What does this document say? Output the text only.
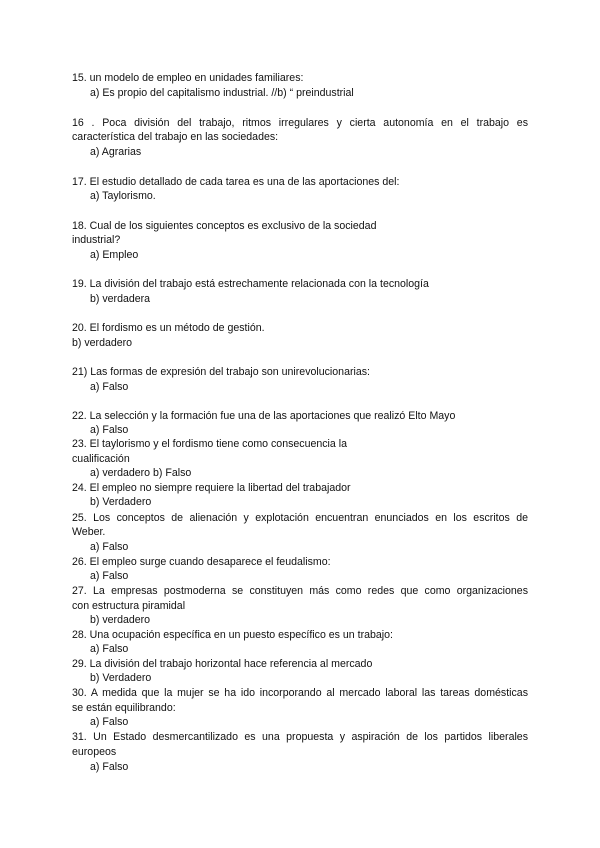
15. un modelo de empleo en unidades familiares:
a) Es propio del capitalismo industrial. //b) “ preindustrial
16 . Poca división del trabajo, ritmos irregulares y cierta autonomía en el trabajo es
característica del trabajo en las sociedades:
a) Agrarias
17. El estudio detallado de cada tarea es una de las aportaciones del:
a) Taylorismo.
18. Cual de los siguientes conceptos es exclusivo de la sociedad
industrial?
a) Empleo
19. La división del trabajo está estrechamente relacionada con la tecnología
b) verdadera
20. El fordismo es un método de gestión.
b) verdadero
21) Las formas de expresión del trabajo son unirevolucionarias:
a) Falso
22. La selección y la formación fue una de las aportaciones que realizó Elto Mayo
a) Falso
23. El taylorismo y el fordismo tiene como consecuencia la
cualificación
a) verdadero b) Falso
24. El empleo no siempre requiere la libertad del trabajador
b) Verdadero
25. Los conceptos de alienación y explotación encuentran enunciados en los escritos de
Weber.
a) Falso
26. El empleo surge cuando desaparece el feudalismo:
a) Falso
27. La empresas postmoderna se constituyen más como redes que como organizaciones
con estructura piramidal
b) verdadero
28. Una ocupación específica en un puesto específico es un trabajo:
a) Falso
29. La división del trabajo horizontal hace referencia al mercado
b) Verdadero
30. A medida que la mujer se ha ido incorporando al mercado laboral las tareas domésticas
se están equilibrando:
a) Falso
31. Un Estado desmercantilizado es una propuesta y aspiración de los partidos liberales
europeos
a) Falso
